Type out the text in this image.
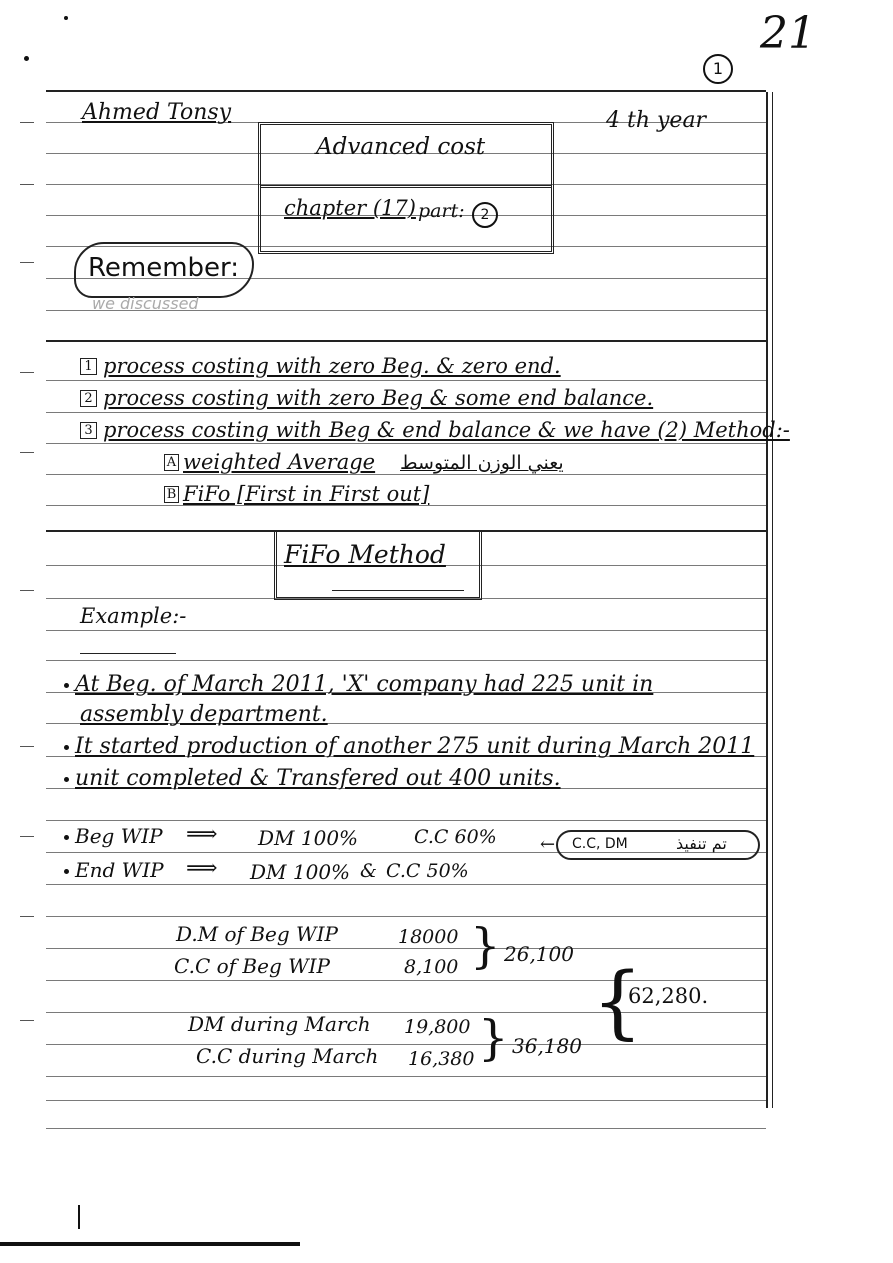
21
1
Ahmed Tonsy	4 th year
Advanced cost
chapter (17) part:	2
Remember:
we discussed
1 process costing with zero Beg. & zero end.
2 process costing with zero Beg & some end balance.
3 process costing with Beg & end balance & we have (2) Method:-
A weighted Average يعني الوزن المتوسط
B FiFo [First in First out]
FiFo Method
Example:-
At Beg. of March 2011, 'X' company had 225 unit in
assembly department.
It started production of another 275 unit during March 2011
unit completed & Transfered out 400 units.
Beg WIP ⟹ DM 100%	C.C 60% ← C.C, DM	تم تنفيذ
End WIP ⟹ DM 100% & C.C 50%
D.M of Beg WIP	18000
C.C of Beg WIP	8,100 } 26,100
DM during March 19,800
C.C during March 16,380 } 36,180 }
62,280.
